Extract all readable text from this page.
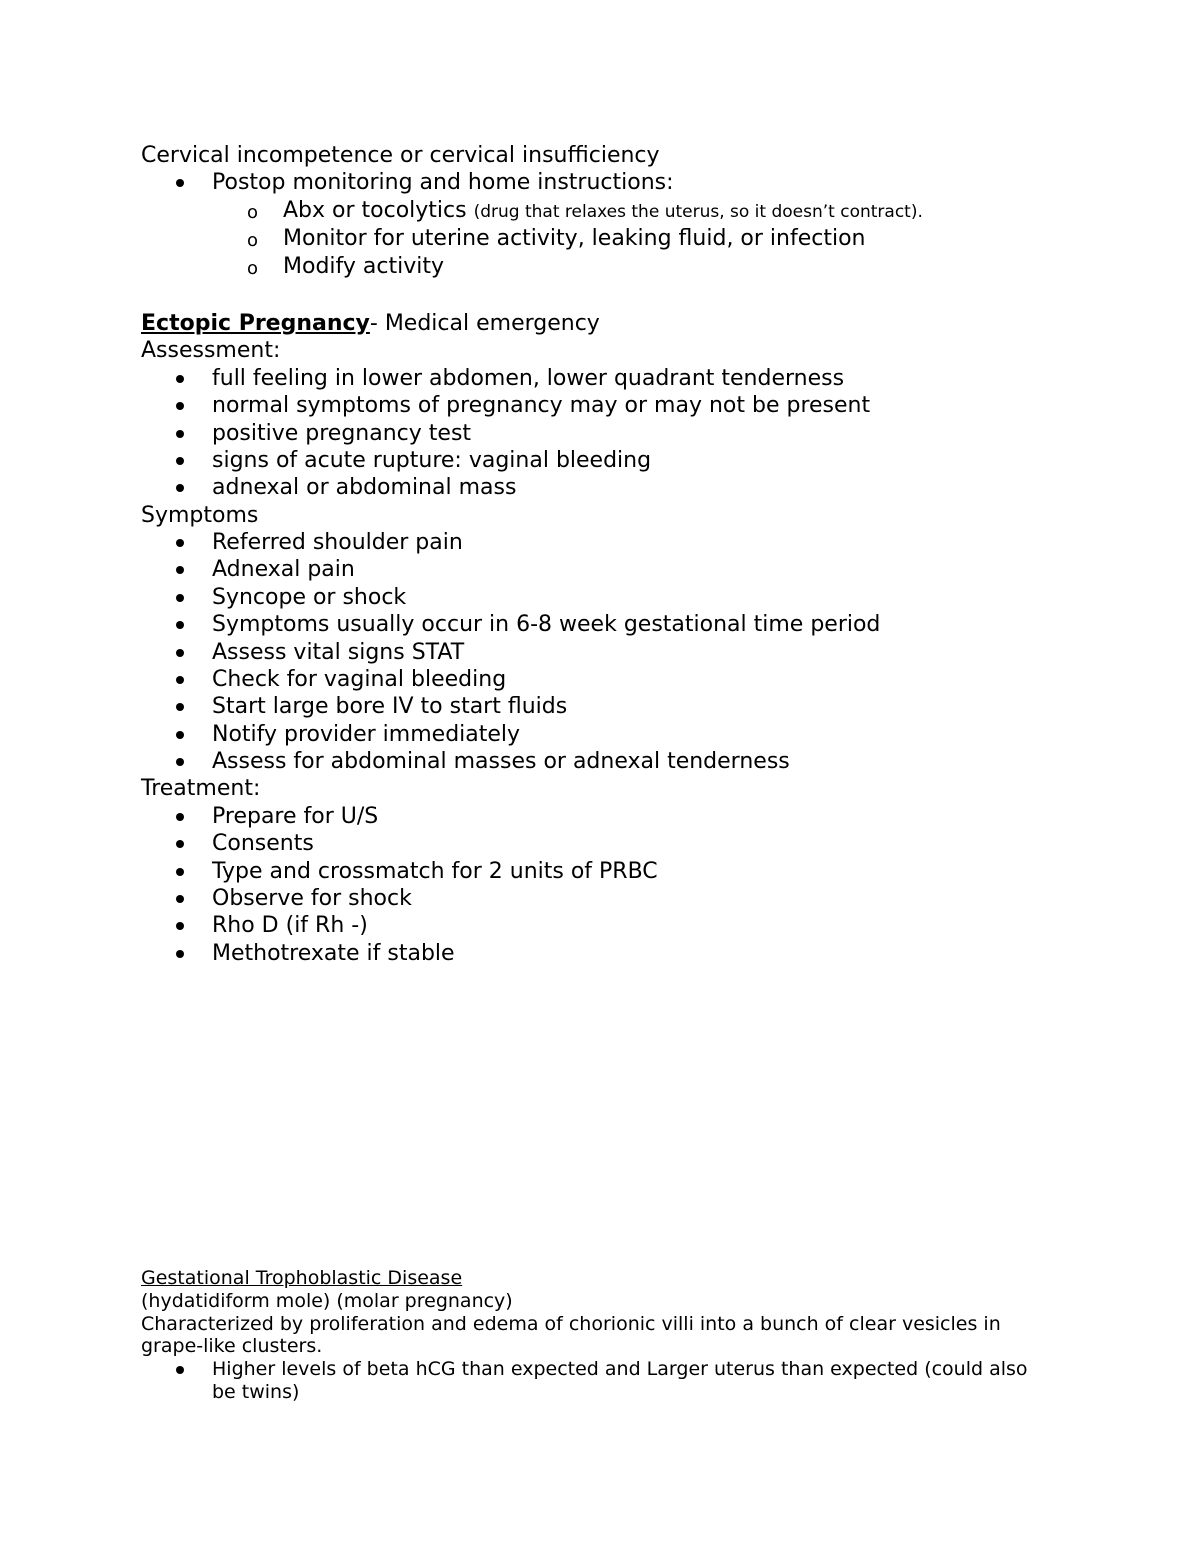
Cervical incompetence or cervical insufficiency
Postop monitoring and home instructions:
o Abx or tocolytics (drug that relaxes the uterus, so it doesn’t contract).
o Monitor for uterine activity, leaking fluid, or infection
o Modify activity
Ectopic Pregnancy- Medical emergency
Assessment:
full feeling in lower abdomen, lower quadrant tenderness
normal symptoms of pregnancy may or may not be present
positive pregnancy test
signs of acute rupture: vaginal bleeding
adnexal or abdominal mass
Symptoms
Referred shoulder pain
Adnexal pain
Syncope or shock
Symptoms usually occur in 6-8 week gestational time period
Assess vital signs STAT
Check for vaginal bleeding
Start large bore IV to start fluids
Notify provider immediately
Assess for abdominal masses or adnexal tenderness
Treatment:
Prepare for U/S
Consents
Type and crossmatch for 2 units of PRBC
Observe for shock
Rho D (if Rh -)
Methotrexate if stable
Gestational Trophoblastic Disease
(hydatidiform mole) (molar pregnancy)
Characterized by proliferation and edema of chorionic villi into a bunch of clear vesicles in
grape-like clusters.
Higher levels of beta hCG than expected and Larger uterus than expected (could also
be twins)
